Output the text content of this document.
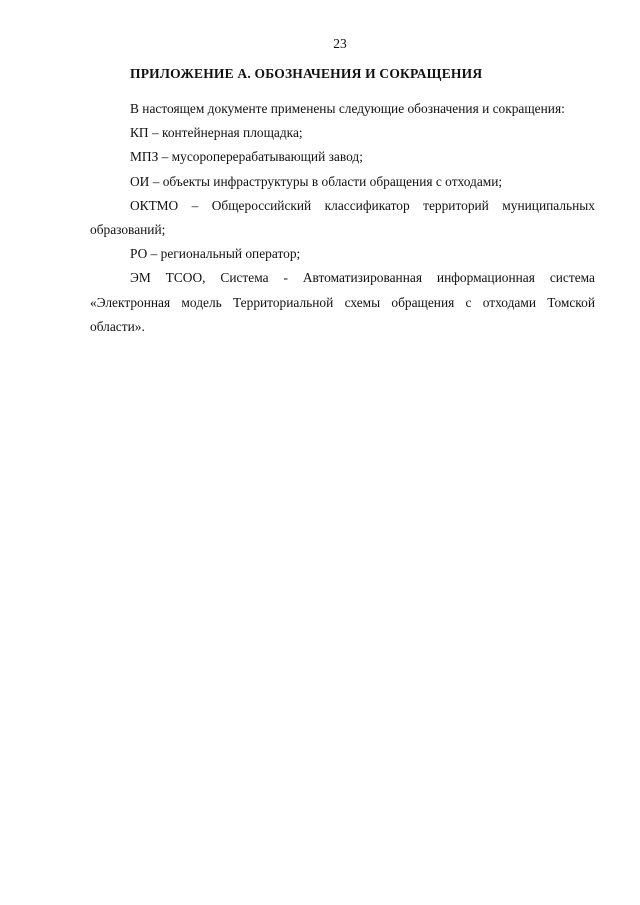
23
ПРИЛОЖЕНИЕ А. ОБОЗНАЧЕНИЯ И СОКРАЩЕНИЯ

В настоящем документе применены следующие обозначения и сокращения:

КП – контейнерная площадка;

МПЗ – мусороперерабатывающий завод;

ОИ – объекты инфраструктуры в области обращения с отходами;

ОКТМО – Общероссийский классификатор территорий муниципальных образований;

РО – региональный оператор;

ЭМ ТСОО, Система - Автоматизированная информационная система «Электронная модель Территориальной схемы обращения с отходами Томской области».
